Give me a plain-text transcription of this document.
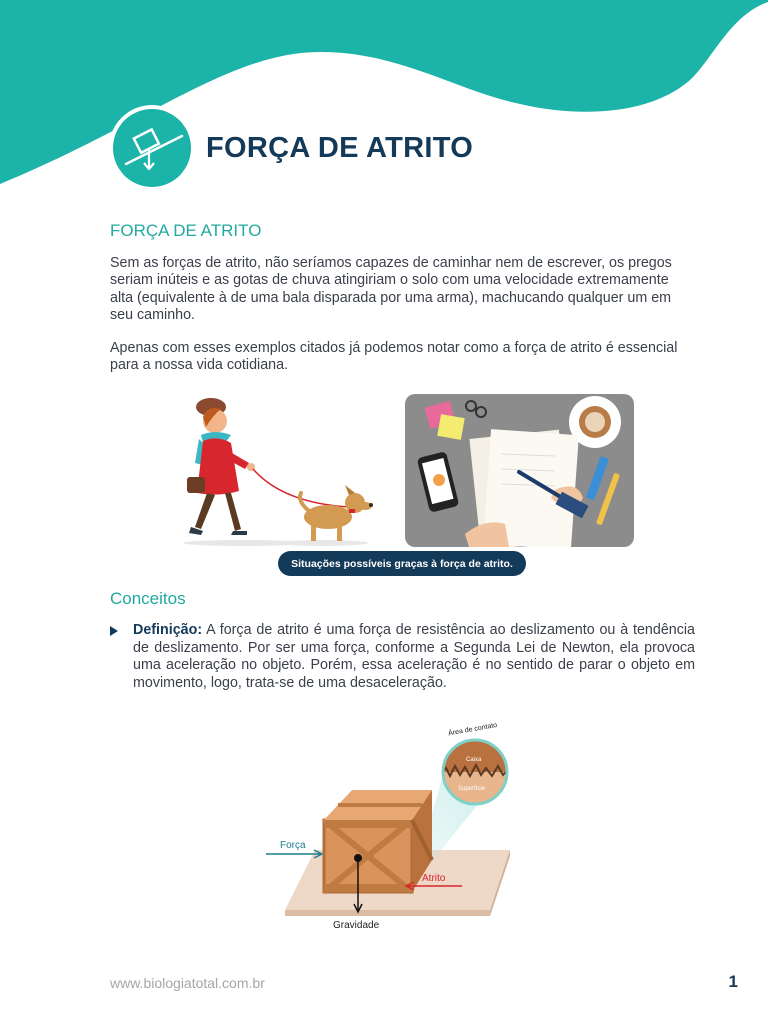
FORÇA DE ATRITO
FORÇA DE ATRITO

Sem as forças de atrito, não seríamos capazes de caminhar nem de escrever, os pregos seriam inúteis e as gotas de chuva atingiriam o solo com uma velocidade extremamente alta (equivalente à de uma bala disparada por uma arma), machucando qualquer um em seu caminho.

Apenas com esses exemplos citados já podemos notar como a força de atrito é essencial para a nossa vida cotidiana.

Situações possíveis graças à força de atrito.
Conceitos

Definição: A força de atrito é uma força de resistência ao deslizamento ou à tendência de deslizamento. Por ser uma força, conforme a Segunda Lei de Newton, ela provoca uma aceleração no objeto. Porém, essa aceleração é no sentido de parar o objeto em movimento, logo, trata-se de uma desaceleração.

Gravidade
Força
Atrito
Caixa
Superfície
Área de contato
www.biologiatotal.com.br	1
